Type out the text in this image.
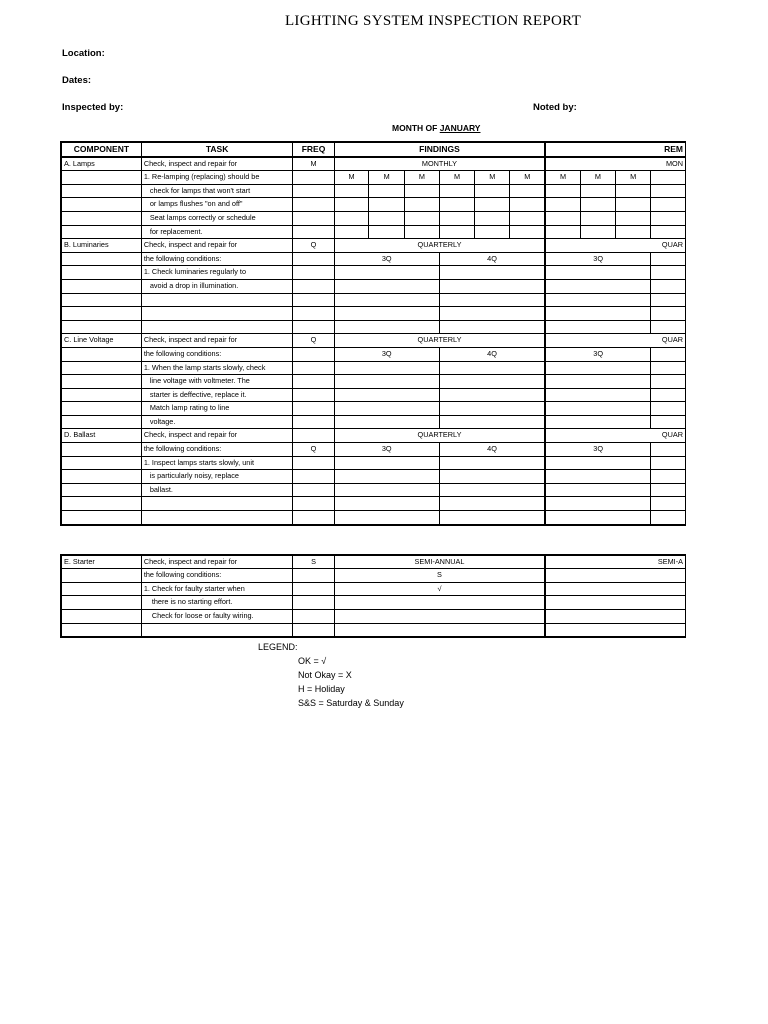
LIGHTING SYSTEM INSPECTION REPORT
Location:
Dates:
Inspected by:	Noted by:
MONTH OF JANUARY
COMPONENT	TASK	FREQ	FINDINGS						REM			
A. Lamps	Check, inspect and repair for	M	MONTHLY						MON			
	1. Re-lamping (replacing) should be		M	M	M	M	M	M	M	M	M	
	check for lamps that won't start											
	or lamps flushes "on and off"											
	Seat lamps correctly or schedule											
	for replacement.											
B. Luminaries	Check, inspect and repair for	Q	QUARTERLY						QUAR			
	the following conditions:		3Q			4Q			3Q			
	1. Check luminaries regularly to											
	avoid a drop in illumination.											

C. Line Voltage	Check, inspect and repair for	Q	QUARTERLY						QUAR			
	the following conditions:		3Q			4Q			3Q			
	1. When the lamp starts slowly, check											
	line voltage with voltmeter. The											
	starter is deffective, replace it.											
	Match lamp rating to line											
	voltage.											
D. Ballast	Check, inspect and repair for		QUARTERLY						QUAR			
	the following conditions:	Q	3Q			4Q			3Q			
	1. Inspect lamps starts slowly, unit											
	is particularly noisy, replace											
	ballast.											

E. Starter	Check, inspect and repair for	S	SEMI-ANNUAL						SEMI-A			
	the following conditions:		S									
	1. Check for faulty starter when		√									
	there is no starting effort.											
	Check for loose or faulty wiring.											

LEGEND:
OK = √
Not Okay = X
H = Holiday
S&S = Saturday & Sunday
